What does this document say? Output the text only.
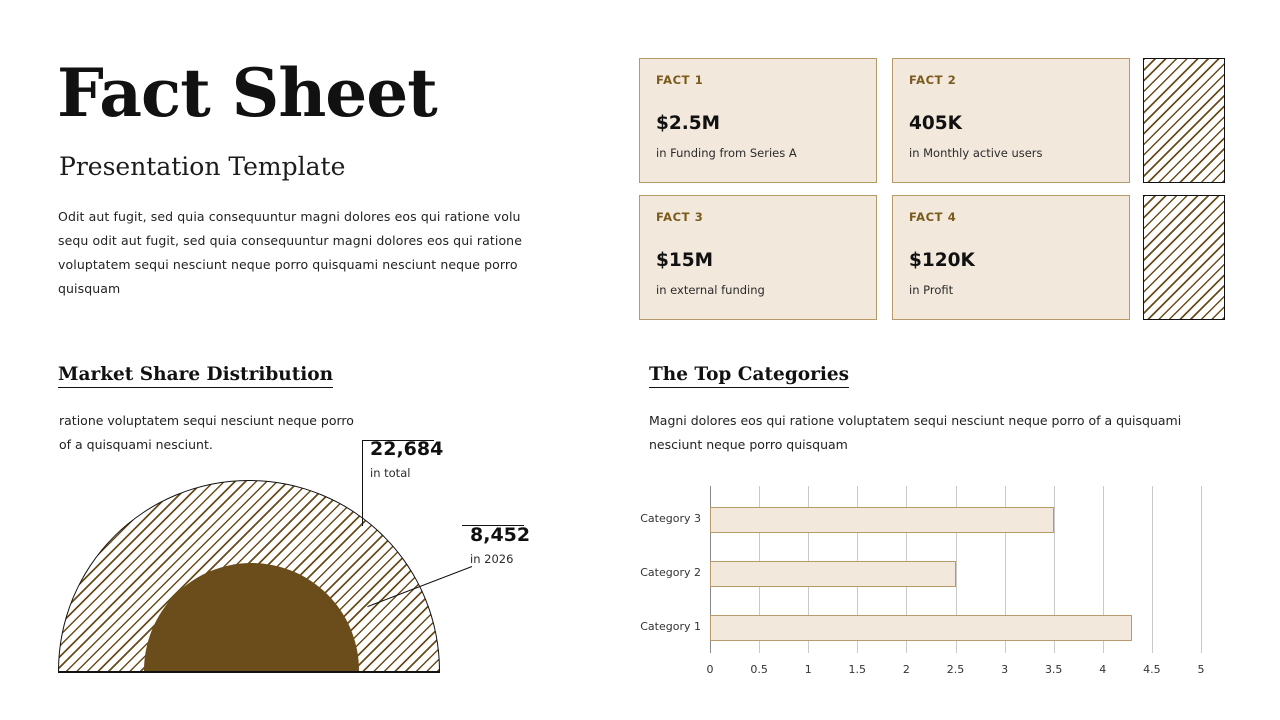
Fact Sheet
Presentation Template
Odit aut fugit, sed quia consequuntur magni dolores eos qui ratione volu sequ odit aut fugit, sed quia consequuntur magni dolores eos qui ratione voluptatem sequi nesciunt neque porro quisquami nesciunt neque porro quisquam
FACT 1
$2.5M
in Funding from Series A
FACT 2
405K
in Monthly active users
FACT 3
$15M
in external funding
FACT 4
$120K
in Profit
Market Share Distribution
ratione voluptatem sequi nesciunt neque porro of a quisquami nesciunt.	22,684
in total
8,452
in 2026
The Top Categories
Magni dolores eos qui ratione voluptatem sequi nesciunt neque porro of a quisquami nesciunt neque porro quisquam
Category 3
Category 2
Category 1
0	0.5	1	1.5	2	2.5	3	3.5	4	4.5	5
